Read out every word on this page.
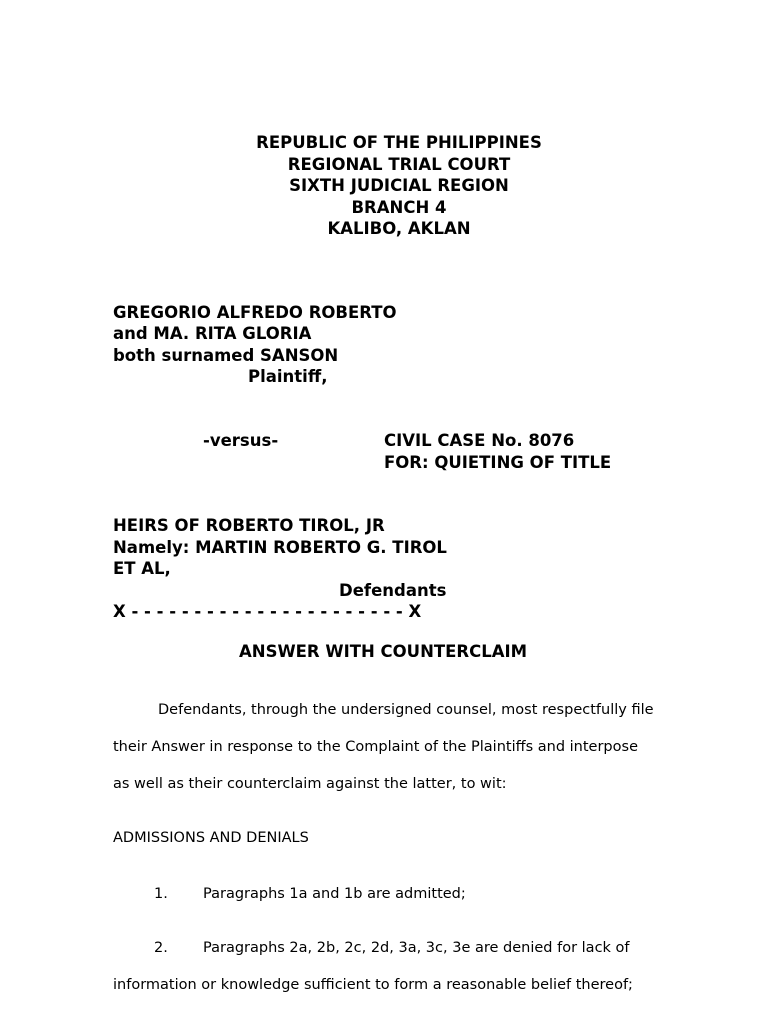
REPUBLIC OF THE PHILIPPINES
REGIONAL TRIAL COURT
SIXTH JUDICIAL REGION
BRANCH 4
KALIBO, AKLAN
GREGORIO ALFREDO ROBERTO
and MA. RITA GLORIA
both surnamed SANSON
Plaintiff,
-versus-	CIVIL CASE No. 8076
FOR: QUIETING OF TITLE
HEIRS OF ROBERTO TIROL, JR
Namely: MARTIN ROBERTO G. TIROL
ET AL,
Defendants
X - - - - - - - - - - - - - - - - - - - - - - X
ANSWER WITH COUNTERCLAIM
Defendants, through the undersigned counsel, most respectfully file
their Answer in response to the Complaint of the Plaintiffs and interpose
as well as their counterclaim against the latter, to wit:
ADMISSIONS AND DENIALS
1. Paragraphs 1a and 1b are admitted;
2. Paragraphs 2a, 2b, 2c, 2d, 3a, 3c, 3e are denied for lack of
information or knowledge sufficient to form a reasonable belief thereof;
